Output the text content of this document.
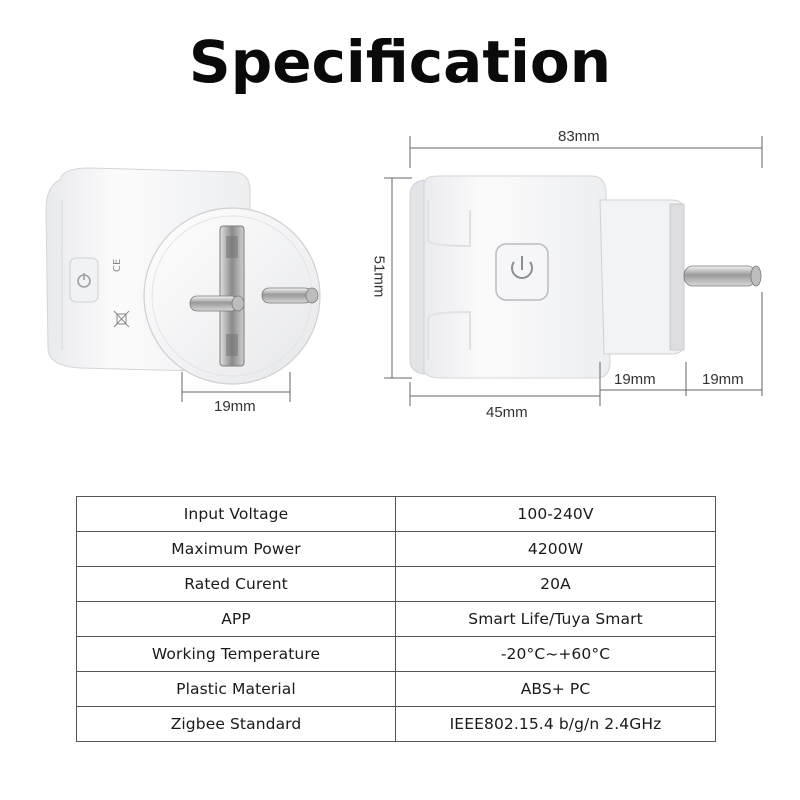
Specification
CE
19mm
83mm
51mm
45mm
19mm	19mm
Input Voltage	100-240V
Maximum Power	4200W
Rated Curent	20A
APP	Smart Life/Tuya Smart
Working Temperature	-20°C~+60°C
Plastic Material	ABS+ PC
Zigbee Standard	IEEE802.15.4 b/g/n 2.4GHz
